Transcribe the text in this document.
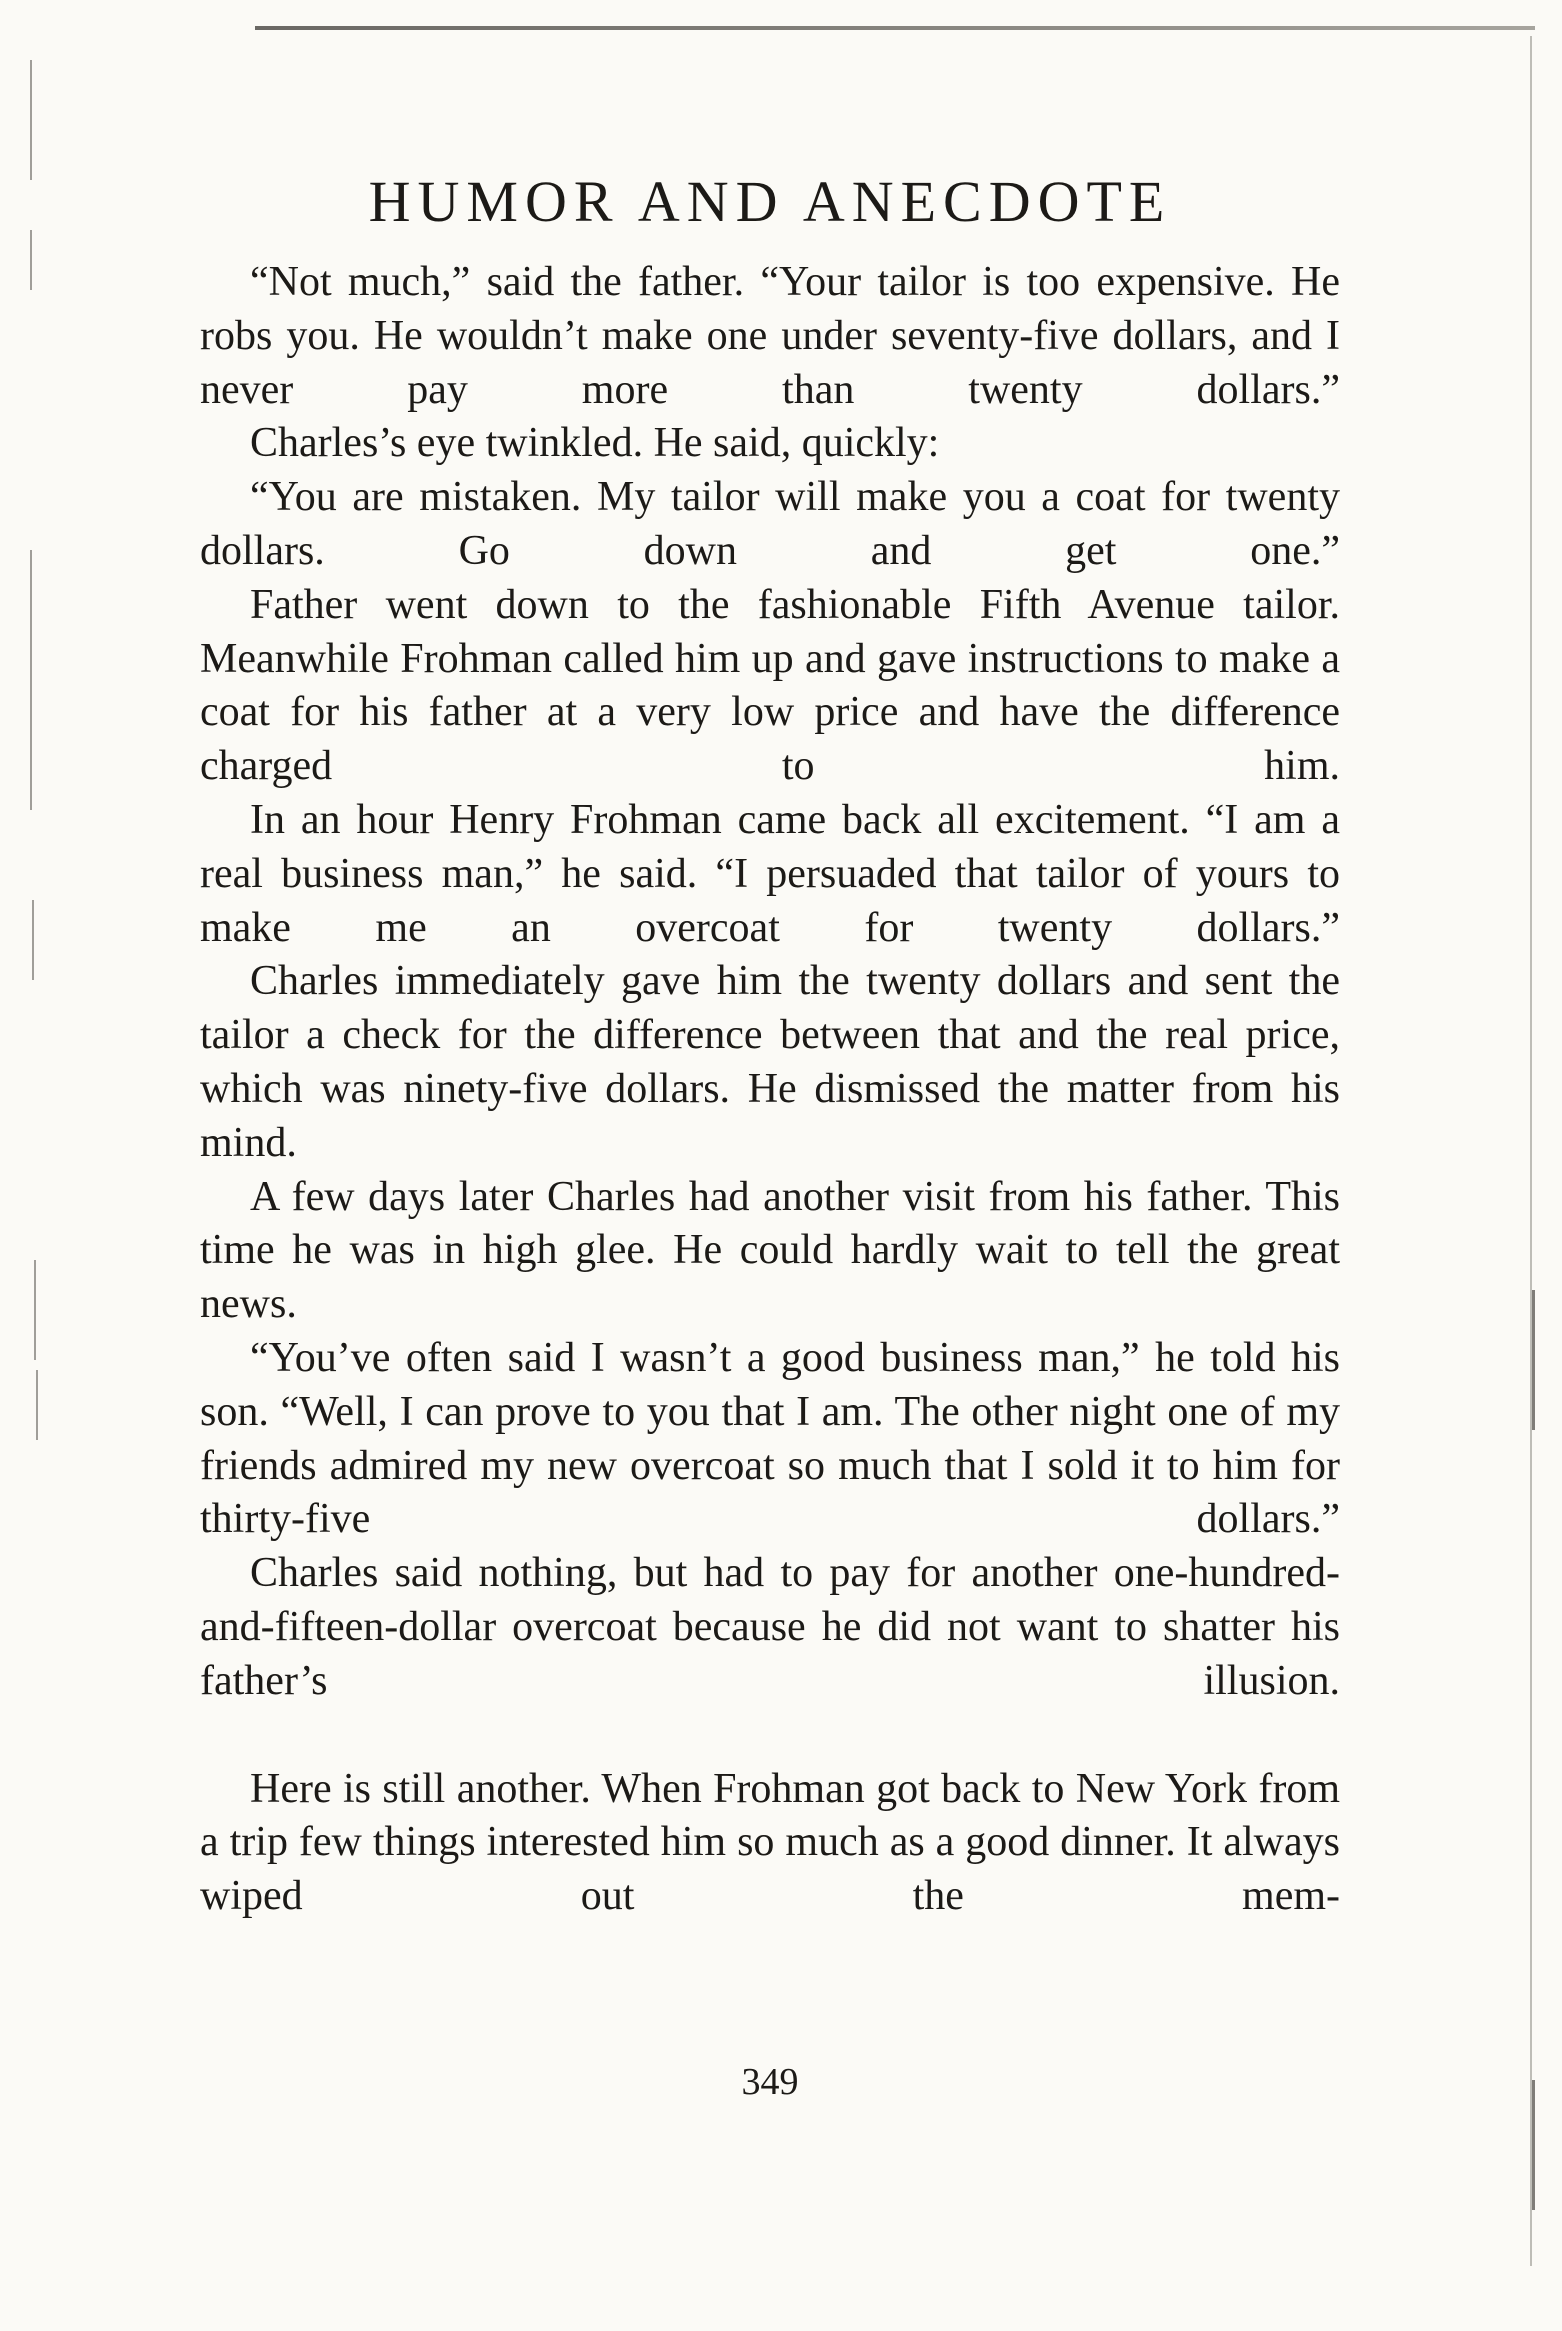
HUMOR AND ANECDOTE

“Not much,” said the father. “Your tailor is too expensive. He robs you. He wouldn’t make one under seventy-five dollars, and I never pay more than twenty dollars.”

Charles’s eye twinkled. He said, quickly:

“You are mistaken. My tailor will make you a coat for twenty dollars. Go down and get one.”

Father went down to the fashionable Fifth Avenue tailor. Meanwhile Frohman called him up and gave instructions to make a coat for his father at a very low price and have the difference charged to him.

In an hour Henry Frohman came back all excitement. “I am a real business man,” he said. “I persuaded that tailor of yours to make me an overcoat for twenty dollars.”

Charles immediately gave him the twenty dollars and sent the tailor a check for the difference between that and the real price, which was ninety-five dollars. He dismissed the matter from his mind.

A few days later Charles had another visit from his father. This time he was in high glee. He could hardly wait to tell the great news.

“You’ve often said I wasn’t a good business man,” he told his son. “Well, I can prove to you that I am. The other night one of my friends admired my new overcoat so much that I sold it to him for thirty-five dollars.”

Charles said nothing, but had to pay for another one-hundred-and-fifteen-dollar overcoat because he did not want to shatter his father’s illusion.

Here is still another. When Frohman got back to New York from a trip few things interested him so much as a good dinner. It always wiped out the mem-

349
